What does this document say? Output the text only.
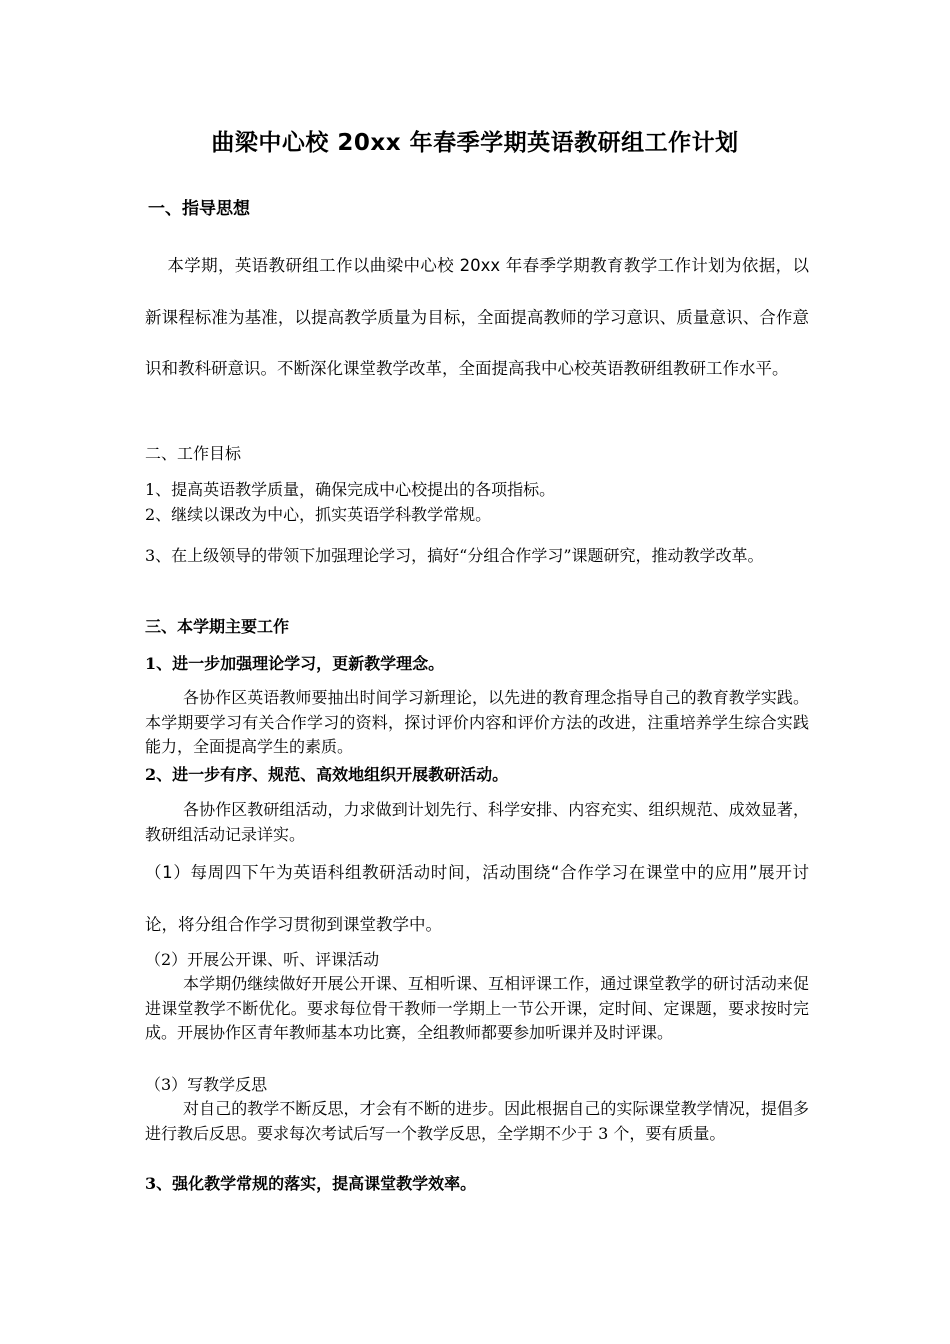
曲梁中心校 20xx 年春季学期英语教研组工作计划
一、指导思想
本学期，英语教研组工作以曲梁中心校 20xx 年春季学期教育教学工作计划为依据，以新课程标准为基准，以提高教学质量为目标，全面提高教师的学习意识、质量意识、合作意识和教科研意识。不断深化课堂教学改革，全面提高我中心校英语教研组教研工作水平。
二、工作目标
1、提高英语教学质量，确保完成中心校提出的各项指标。
2、继续以课改为中心，抓实英语学科教学常规。
3、在上级领导的带领下加强理论学习，搞好“分组合作学习”课题研究，推动教学改革。
三、本学期主要工作
1、进一步加强理论学习，更新教学理念。
各协作区英语教师要抽出时间学习新理论，以先进的教育理念指导自己的教育教学实践。本学期要学习有关合作学习的资料，探讨评价内容和评价方法的改进，注重培养学生综合实践能力，全面提高学生的素质。
2、进一步有序、规范、高效地组织开展教研活动。
各协作区教研组活动，力求做到计划先行、科学安排、内容充实、组织规范、成效显著，教研组活动记录详实。
（1）每周四下午为英语科组教研活动时间，活动围绕“合作学习在课堂中的应用”展开讨论，将分组合作学习贯彻到课堂教学中。
（2）开展公开课、听、评课活动
本学期仍继续做好开展公开课、互相听课、互相评课工作，通过课堂教学的研讨活动来促进课堂教学不断优化。要求每位骨干教师一学期上一节公开课，定时间、定课题，要求按时完成。开展协作区青年教师基本功比赛，全组教师都要参加听课并及时评课。
（3）写教学反思
对自己的教学不断反思，才会有不断的进步。因此根据自己的实际课堂教学情况，提倡多进行教后反思。要求每次考试后写一个教学反思，全学期不少于 3 个，要有质量。
3、强化教学常规的落实，提高课堂教学效率。
